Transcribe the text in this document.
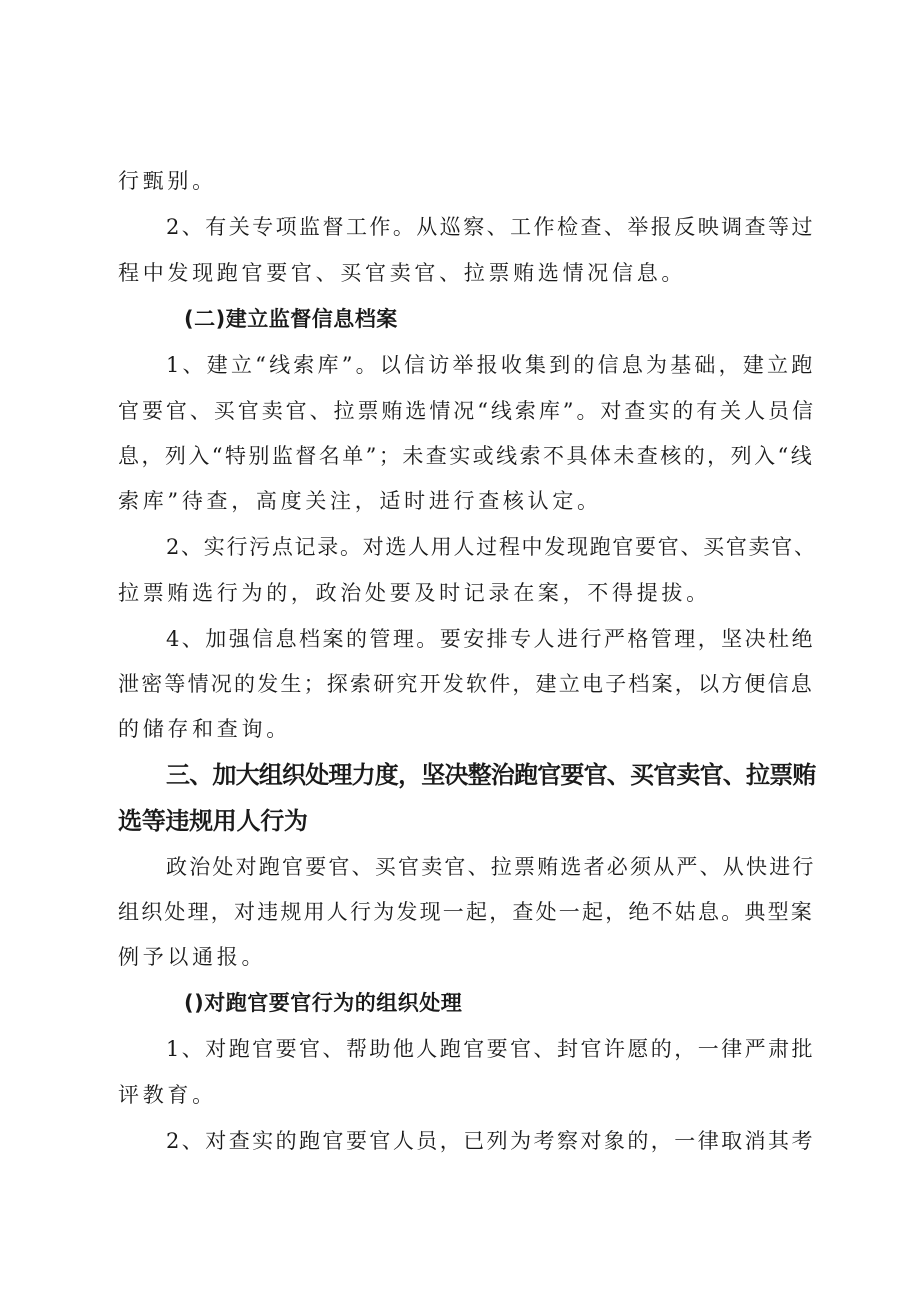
行甄别。
2、有关专项监督工作。从巡察、工作检查、举报反映调查等过
程中发现跑官要官、买官卖官、拉票贿选情况信息。
(二)建立监督信息档案
1、建立“线索库”。以信访举报收集到的信息为基础，建立跑
官要官、买官卖官、拉票贿选情况“线索库”。对查实的有关人员信
息，列入“特别监督名单”；未查实或线索不具体未查核的，列入“线
索库”待查，高度关注，适时进行查核认定。
2、实行污点记录。对选人用人过程中发现跑官要官、买官卖官、
拉票贿选行为的，政治处要及时记录在案，不得提拔。
4、加强信息档案的管理。要安排专人进行严格管理，坚决杜绝
泄密等情况的发生；探索研究开发软件，建立电子档案，以方便信息
的储存和查询。
三、加大组织处理力度，坚决整治跑官要官、买官卖官、拉票贿
选等违规用人行为
政治处对跑官要官、买官卖官、拉票贿选者必须从严、从快进行
组织处理，对违规用人行为发现一起，查处一起，绝不姑息。典型案
例予以通报。
()对跑官要官行为的组织处理
1、对跑官要官、帮助他人跑官要官、封官许愿的，一律严肃批
评教育。
2、对查实的跑官要官人员，已列为考察对象的，一律取消其考
